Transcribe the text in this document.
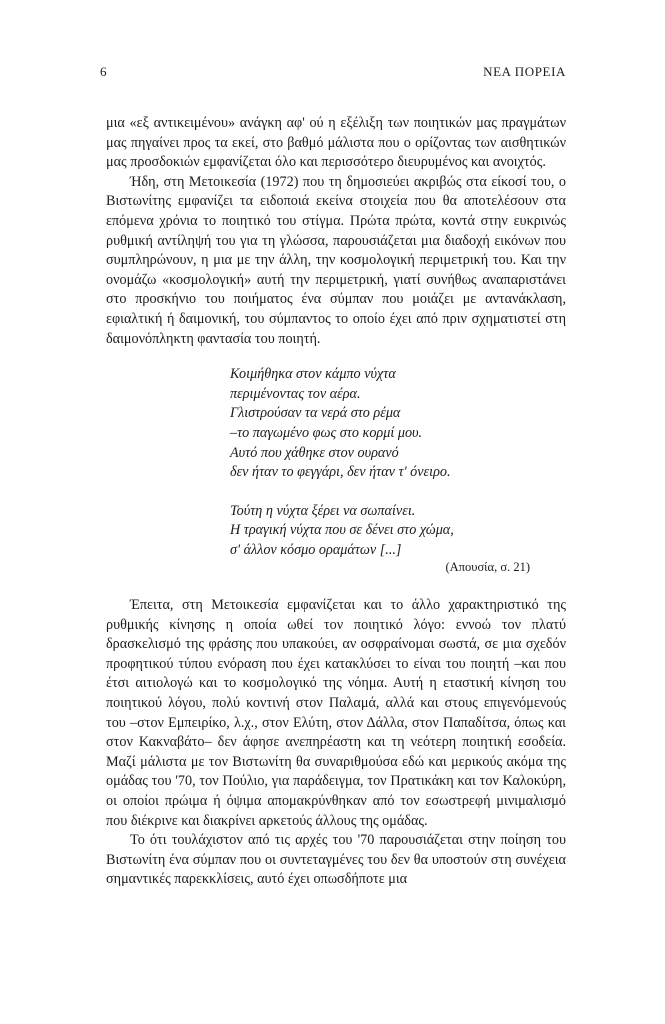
6	ΝΕΑ ΠΟΡΕΙΑ

μια «εξ αντικειμένου» ανάγκη αφ' ού η εξέλιξη των ποιητικών μας πραγμάτων μας πηγαίνει προς τα εκεί, στο βαθμό μάλιστα που ο ορίζοντας των αισθητικών μας προσδοκιών εμφανίζεται όλο και περισσότερο διευρυμένος και ανοιχτός.

Ήδη, στη Μετοικεσία (1972) που τη δημοσιεύει ακριβώς στα είκοσί του, ο Βιστωνίτης εμφανίζει τα ειδοποιά εκείνα στοιχεία που θα αποτελέσουν στα επόμενα χρόνια το ποιητικό του στίγμα. Πρώτα πρώτα, κοντά στην ευκρινώς ρυθμική αντίληψή του για τη γλώσσα, παρουσιάζεται μια διαδοχή εικόνων που συμπληρώνουν, η μια με την άλλη, την κοσμολογική περιμετρική του. Και την ονομάζω «κοσμολογική» αυτή την περιμετρική, γιατί συνήθως αναπαριστάνει στο προσκήνιο του ποιήματος ένα σύμπαν που μοιάζει με αντανάκλαση, εφιαλτική ή δαιμονική, του σύμπαντος το οποίο έχει από πριν σχηματιστεί στη δαιμονόπληκτη φαντασία του ποιητή.

Κοιμήθηκα στον κάμπο νύχτα
περιμένοντας τον αέρα.
Γλιστρούσαν τα νερά στο ρέμα
–το παγωμένο φως στο κορμί μου.
Αυτό που χάθηκε στον ουρανό
δεν ήταν το φεγγάρι, δεν ήταν τ' όνειρο.
Τούτη η νύχτα ξέρει να σωπαίνει.
Η τραγική νύχτα που σε δένει στο χώμα,
σ' άλλον κόσμο οραμάτων [...]
(Απουσία, σ. 21)

Έπειτα, στη Μετοικεσία εμφανίζεται και το άλλο χαρακτηριστικό της ρυθμικής κίνησης η οποία ωθεί τον ποιητικό λόγο: εννοώ τον πλατύ δρασκελισμό της φράσης που υπακούει, αν οσφραίνομαι σωστά, σε μια σχεδόν προφητικού τύπου ενόραση που έχει κατακλύσει το είναι του ποιητή –και που έτσι αιτιολογώ και το κοσμολογικό της νόημα. Αυτή η εταστική κίνηση του ποιητικού λόγου, πολύ κοντινή στον Παλαμά, αλλά και στους επιγενόμενούς του –στον Εμπειρίκο, λ.χ., στον Ελύτη, στον Δάλλα, στον Παπαδίτσα, όπως και στον Κακναβάτο– δεν άφησε ανεπηρέαστη και τη νεότερη ποιητική εσοδεία. Μαζί μάλιστα με τον Βιστωνίτη θα συναριθμούσα εδώ και μερικούς ακόμα της ομάδας του '70, τον Πούλιο, για παράδειγμα, τον Πρατικάκη και τον Καλοκύρη, οι οποίοι πρώιμα ή όψιμα απομακρύνθηκαν από τον εσωστρεφή μινιμαλισμό που διέκρινε και διακρίνει αρκετούς άλλους της ομάδας.

Το ότι τουλάχιστον από τις αρχές του '70 παρουσιάζεται στην ποίηση του Βιστωνίτη ένα σύμπαν που οι συντεταγμένες του δεν θα υποστούν στη συνέχεια σημαντικές παρεκκλίσεις, αυτό έχει οπωσδήποτε μια
